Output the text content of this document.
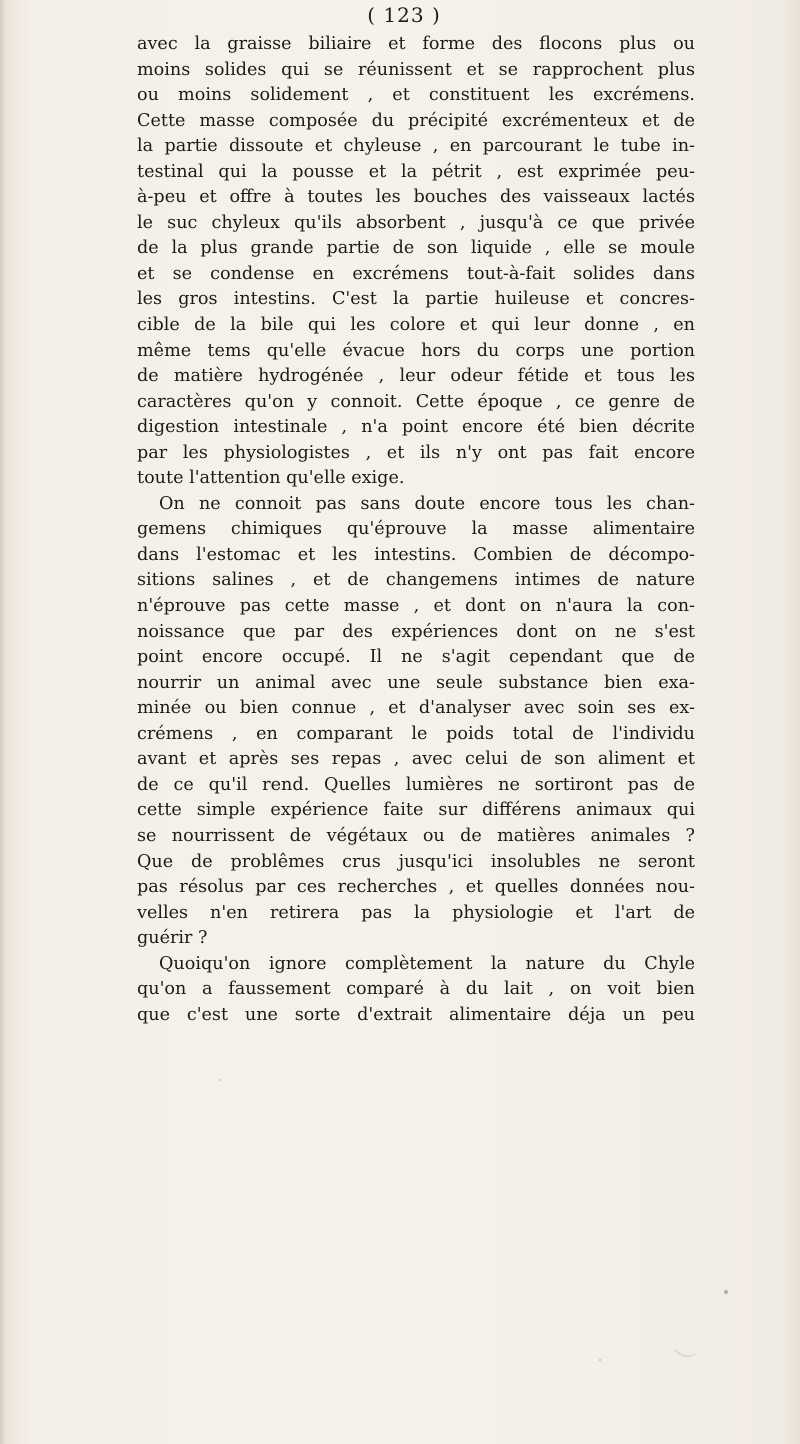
( 123 )
avec la graisse biliaire et forme des flocons plus ou
moins solides qui se réunissent et se rapprochent plus
ou moins solidement , et constituent les excrémens.
Cette masse composée du précipité excrémenteux et de
la partie dissoute et chyleuse , en parcourant le tube in-
testinal qui la pousse et la pétrit , est exprimée peu-
à-peu et offre à toutes les bouches des vaisseaux lactés
le suc chyleux qu'ils absorbent , jusqu'à ce que privée
de la plus grande partie de son liquide , elle se moule
et se condense en excrémens tout-à-fait solides dans
les gros intestins. C'est la partie huileuse et concres-
cible de la bile qui les colore et qui leur donne , en
même tems qu'elle évacue hors du corps une portion
de matière hydrogénée , leur odeur fétide et tous les
caractères qu'on y connoit. Cette époque , ce genre de
digestion intestinale , n'a point encore été bien décrite
par les physiologistes , et ils n'y ont pas fait encore
toute l'attention qu'elle exige.
On ne connoit pas sans doute encore tous les chan-
gemens chimiques qu'éprouve la masse alimentaire
dans l'estomac et les intestins. Combien de décompo-
sitions salines , et de changemens intimes de nature
n'éprouve pas cette masse , et dont on n'aura la con-
noissance que par des expériences dont on ne s'est
point encore occupé. Il ne s'agit cependant que de
nourrir un animal avec une seule substance bien exa-
minée ou bien connue , et d'analyser avec soin ses ex-
crémens , en comparant le poids total de l'individu
avant et après ses repas , avec celui de son aliment et
de ce qu'il rend. Quelles lumières ne sortiront pas de
cette simple expérience faite sur différens animaux qui
se nourrissent de végétaux ou de matières animales ?
Que de problêmes crus jusqu'ici insolubles ne seront
pas résolus par ces recherches , et quelles données nou-
velles n'en retirera pas la physiologie et l'art de
guérir ?
Quoiqu'on ignore complètement la nature du Chyle
qu'on a faussement comparé à du lait , on voit bien
que c'est une sorte d'extrait alimentaire déja un peu
